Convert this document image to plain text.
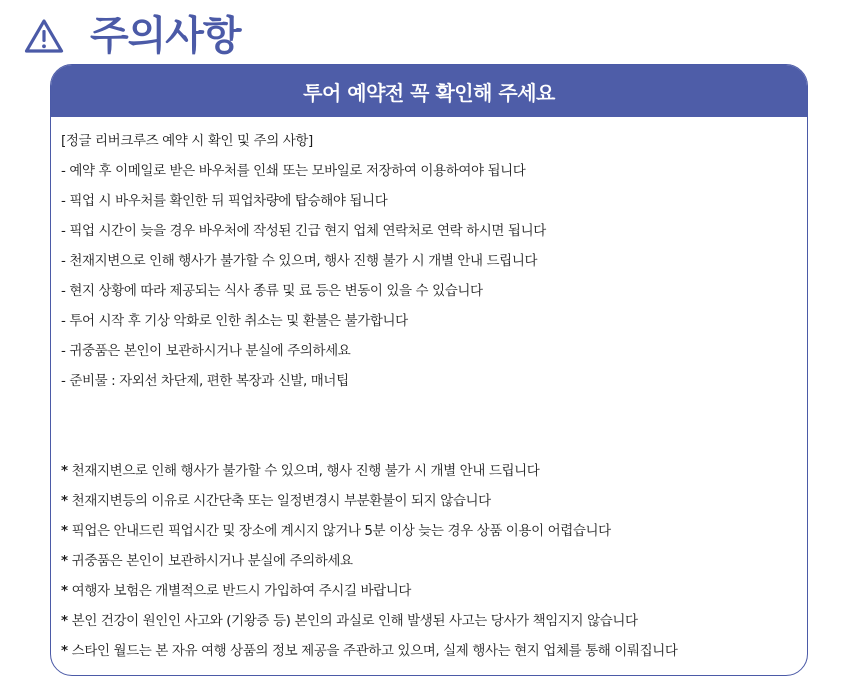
주의사항
투어 예약전 꼭 확인해 주세요
[정글 리버크루즈 예약 시 확인 및 주의 사항]
- 예약 후 이메일로 받은 바우처를 인쇄 또는 모바일로 저장하여 이용하여야 됩니다
- 픽업 시 바우처를 확인한 뒤 픽업차량에 탑승해야 됩니다
- 픽업 시간이 늦을 경우 바우처에 작성된 긴급 현지 업체 연락처로 연락 하시면 됩니다
- 천재지변으로 인해 행사가 불가할 수 있으며, 행사 진행 불가 시 개별 안내 드립니다
- 현지 상황에 따라 제공되는 식사 종류 및 료 등은 변동이 있을 수 있습니다
- 투어 시작 후 기상 악화로 인한 취소는 및 환불은 불가합니다
- 귀중품은 본인이 보관하시거나 분실에 주의하세요
- 준비물 : 자외선 차단제, 편한 복장과 신발, 매너팁
* 천재지변으로 인해 행사가 불가할 수 있으며, 행사 진행 불가 시 개별 안내 드립니다
* 천재지변등의 이유로 시간단축 또는 일정변경시 부분환불이 되지 않습니다
* 픽업은 안내드린 픽업시간 및 장소에 계시지 않거나 5분 이상 늦는 경우 상품 이용이 어렵습니다
* 귀중품은 본인이 보관하시거나 분실에 주의하세요
* 여행자 보험은 개별적으로 반드시 가입하여 주시길 바랍니다
* 본인 건강이 원인인 사고와 (기왕증 등) 본인의 과실로 인해 발생된 사고는 당사가 책임지지 않습니다
* 스타인 월드는 본 자유 여행 상품의 정보 제공을 주관하고 있으며, 실제 행사는 현지 업체를 통해 이뤄집니다
